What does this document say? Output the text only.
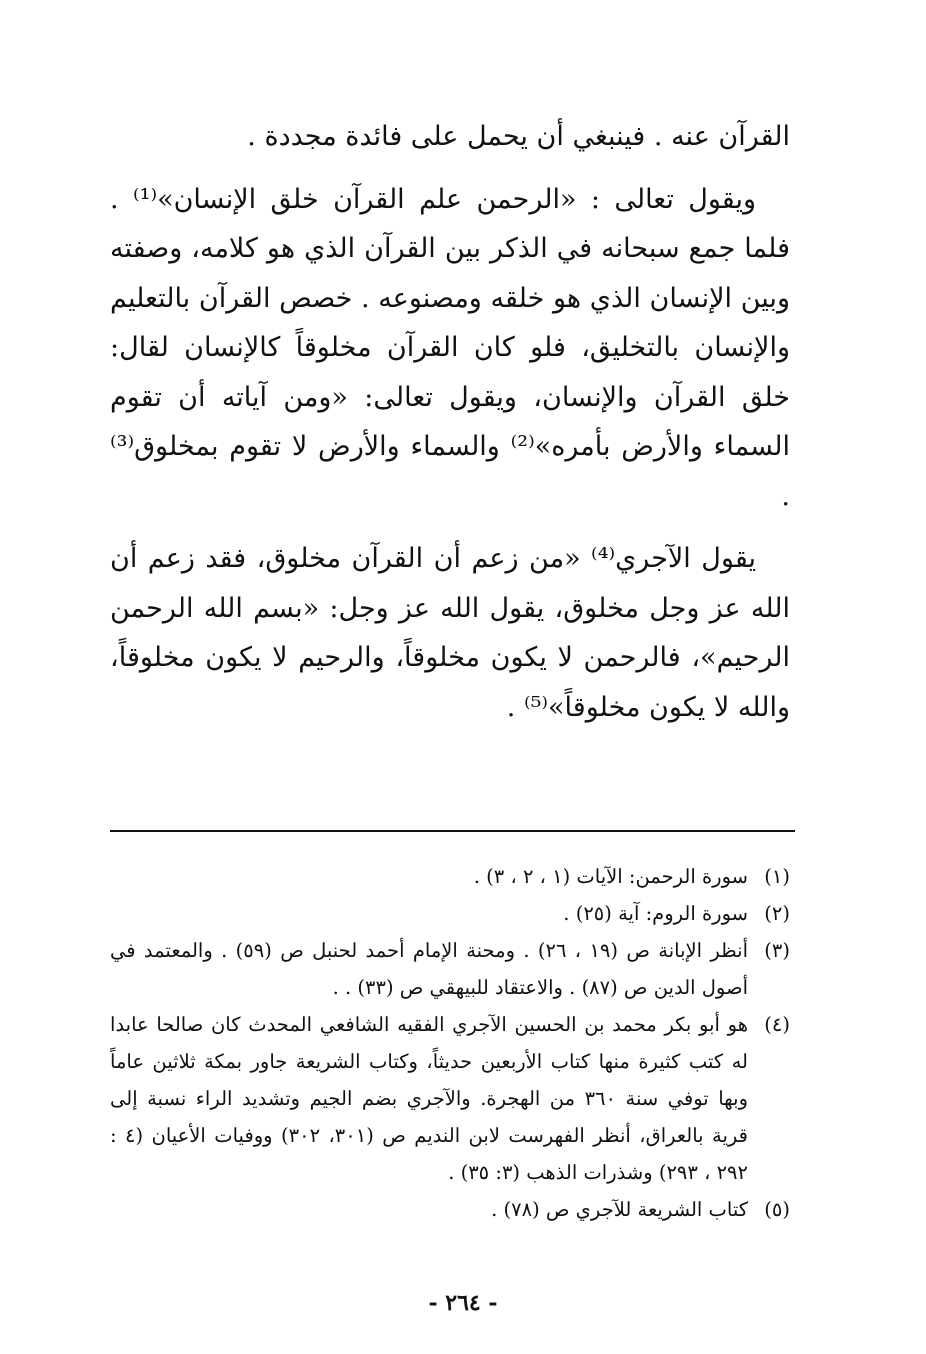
القرآن عنه . فينبغي أن يحمل على فائدة مجددة .

ويقول تعالى : «الرحمن علم القرآن خلق الإنسان»⁽¹⁾ . فلما جمع سبحانه في الذكر بين القرآن الذي هو كلامه، وصفته وبين الإنسان الذي هو خلقه ومصنوعه . خصص القرآن بالتعليم والإنسان بالتخليق، فلو كان القرآن مخلوقاً كالإنسان لقال: خلق القرآن والإنسان، ويقول تعالى: «ومن آياته أن تقوم السماء والأرض بأمره»⁽²⁾ والسماء والأرض لا تقوم بمخلوق⁽³⁾ .

يقول الآجري⁽⁴⁾ «من زعم أن القرآن مخلوق، فقد زعم أن الله عز وجل مخلوق، يقول الله عز وجل: «بسم الله الرحمن الرحيم»، فالرحمن لا يكون مخلوقاً، والرحيم لا يكون مخلوقاً، والله لا يكون مخلوقاً»⁽⁵⁾ .

(١)
سورة الرحمن: الآيات (١ ، ٢ ، ٣) .
(٢)
سورة الروم: آية (٢٥) .
(٣)
أنظر الإبانة ص (١٩ ، ٢٦) . ومحنة الإمام أحمد لحنبل ص (٥٩) . والمعتمد في أصول الدين ص (٨٧) . والاعتقاد للبيهقي ص (٣٣) . .
(٤)
هو أبو بكر محمد بن الحسين الآجري الفقيه الشافعي المحدث كان صالحا عابدا له كتب كثيرة منها كتاب الأربعين حديثاً، وكتاب الشريعة جاور بمكة ثلاثين عاماً وبها توفي سنة ٣٦٠ من الهجرة. والآجري بضم الجيم وتشديد الراء نسبة إلى قرية بالعراق، أنظر الفهرست لابن النديم ص (٣٠١، ٣٠٢) ووفيات الأعيان (٤ : ٢٩٢ ، ٢٩٣) وشذرات الذهب (٣: ٣٥) .
(٥)
كتاب الشريعة للآجري ص (٧٨) .
- ٢٦٤ -
